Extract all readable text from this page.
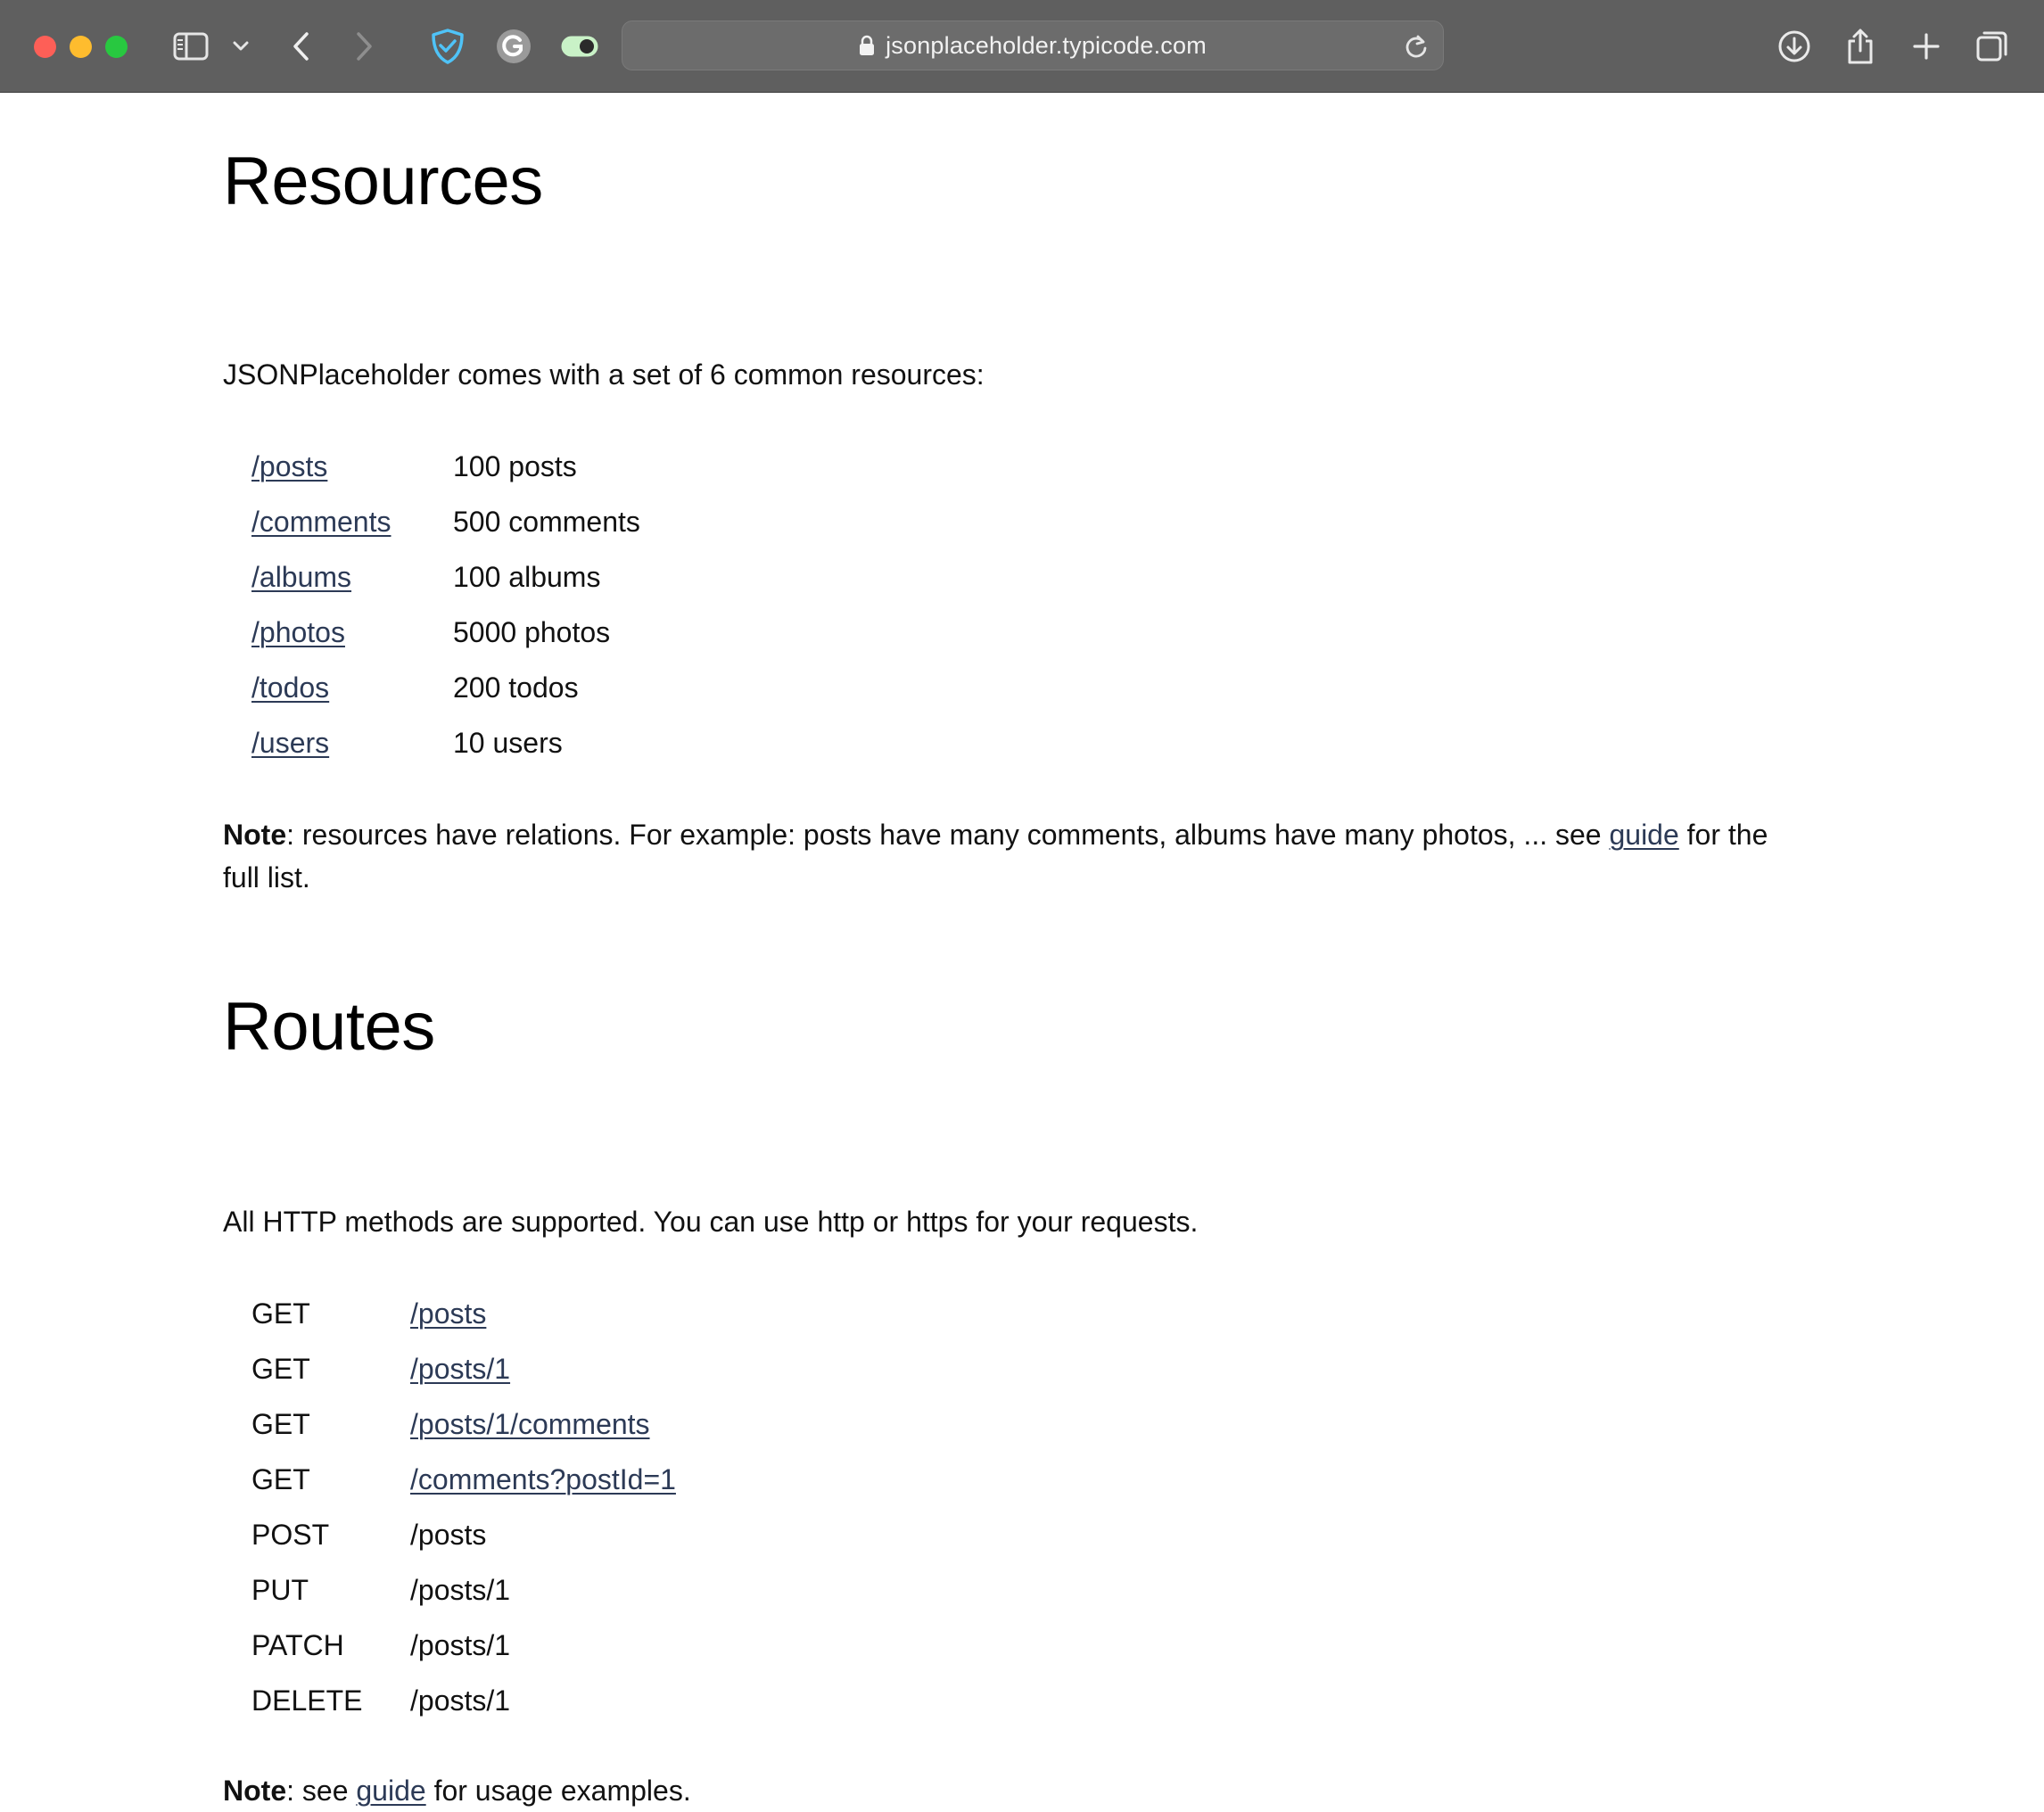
jsonplaceholder.typicode.com
Resources

JSONPlaceholder comes with a set of 6 common resources:

/posts	100 posts
/comments	500 comments
/albums	100 albums
/photos	5000 photos
/todos	200 todos
/users	10 users

Note: resources have relations. For example: posts have many comments, albums have many photos, ... see guide for the full list.

Routes

All HTTP methods are supported. You can use http or https for your requests.

GET	/posts
GET	/posts/1
GET	/posts/1/comments
GET	/comments?postId=1
POST	/posts
PUT	/posts/1
PATCH	/posts/1
DELETE	/posts/1

Note: see guide for usage examples.
